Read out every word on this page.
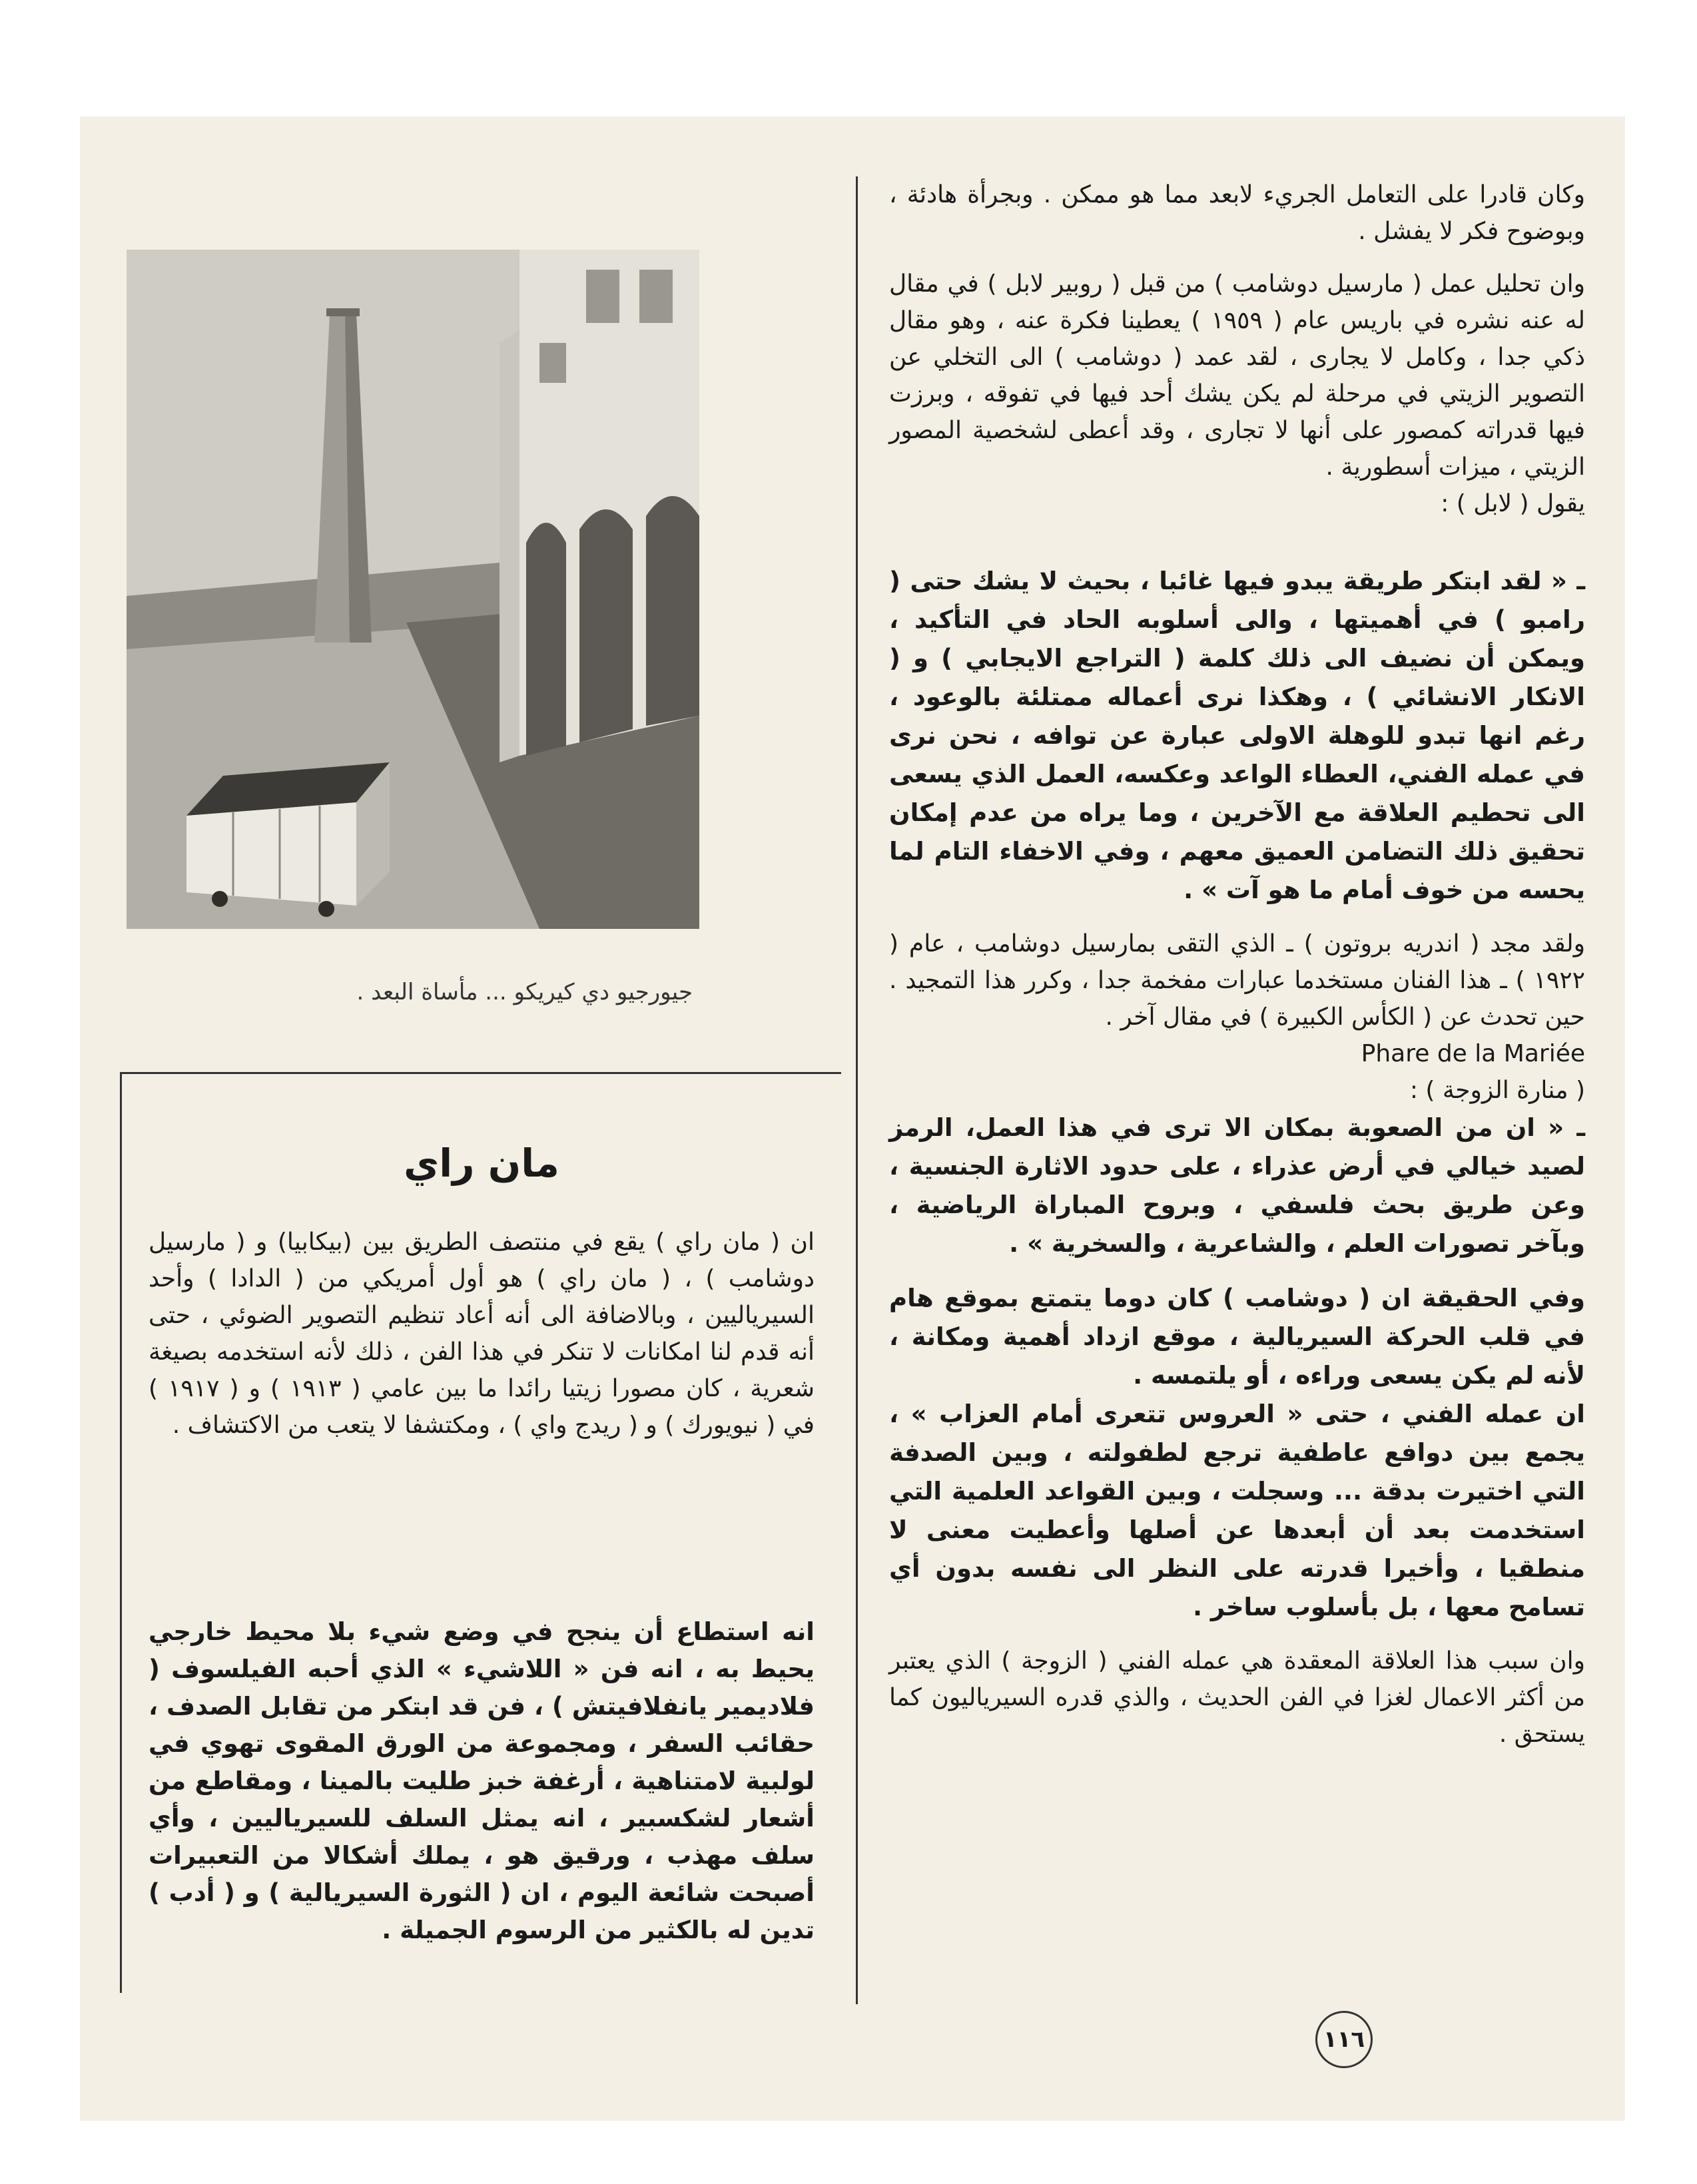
وكان قادرا على التعامل الجريء لابعد مما هو ممكن . وبجرأة هادئة ، وبوضوح فكر لا يفشل .

وان تحليل عمل ( مارسيل دوشامب ) من قبل ( روبير لابل ) في مقال له عنه نشره في باريس عام ( ١٩٥٩ ) يعطينا فكرة عنه ، وهو مقال ذكي جدا ، وكامل لا يجارى ، لقد عمد ( دوشامب ) الى التخلي عن التصوير الزيتي في مرحلة لم يكن يشك أحد فيها في تفوقه ، وبرزت فيها قدراته كمصور على أنها لا تجارى ، وقد أعطى لشخصية المصور الزيتي ، ميزات أسطورية .

يقول ( لابل ) :

ـ « لقد ابتكر طريقة يبدو فيها غائبا ، بحيث لا يشك حتى ( رامبو ) في أهميتها ، والى أسلوبه الحاد في التأكيد ، ويمكن أن نضيف الى ذلك كلمة ( التراجع الايجابي ) و ( الانكار الانشائي ) ، وهكذا نرى أعماله ممتلئة بالوعود ، رغم انها تبدو للوهلة الاولى عبارة عن توافه ، نحن نرى في عمله الفني، العطاء الواعد وعكسه، العمل الذي يسعى الى تحطيم العلاقة مع الآخرين ، وما يراه من عدم إمكان تحقيق ذلك التضامن العميق معهم ، وفي الاخفاء التام لما يحسه من خوف أمام ما هو آت » .

ولقد مجد ( اندريه بروتون ) ـ الذي التقى بمارسيل دوشامب ، عام ( ١٩٢٢ ) ـ هذا الفنان مستخدما عبارات مفخمة جدا ، وكرر هذا التمجيد . حين تحدث عن ( الكأس الكبيرة ) في مقال آخر .

Phare de la Mariée

( منارة الزوجة ) :

ـ « ان من الصعوبة بمكان الا ترى في هذا العمل، الرمز لصيد خيالي في أرض عذراء ، على حدود الاثارة الجنسية ، وعن طريق بحث فلسفي ، وبروح المباراة الرياضية ، وبآخر تصورات العلم ، والشاعرية ، والسخرية » .

وفي الحقيقة ان ( دوشامب ) كان دوما يتمتع بموقع هام في قلب الحركة السيريالية ، موقع ازداد أهمية ومكانة ، لأنه لم يكن يسعى وراءه ، أو يلتمسه .

ان عمله الفني ، حتى « العروس تتعرى أمام العزاب » ، يجمع بين دوافع عاطفية ترجع لطفولته ، وبين الصدفة التي اختيرت بدقة ... وسجلت ، وبين القواعد العلمية التي استخدمت بعد أن أبعدها عن أصلها وأعطيت معنى لا منطقيا ، وأخيرا قدرته على النظر الى نفسه بدون أي تسامح معها ، بل بأسلوب ساخر .

وان سبب هذا العلاقة المعقدة هي عمله الفني ( الزوجة ) الذي يعتبر من أكثر الاعمال لغزا في الفن الحديث ، والذي قدره السيرياليون كما يستحق .

جيورجيو دي كيريكو ... مأساة البعد .
مان راي

ان ( مان راي ) يقع في منتصف الطريق بين (بيكابيا) و ( مارسيل دوشامب ) ، ( مان راي ) هو أول أمريكي من ( الدادا ) وأحد السيرياليين ، وبالاضافة الى أنه أعاد تنظيم التصوير الضوئي ، حتى أنه قدم لنا امكانات لا تنكر في هذا الفن ، ذلك لأنه استخدمه بصيغة شعرية ، كان مصورا زيتيا رائدا ما بين عامي ( ١٩١٣ ) و ( ١٩١٧ ) في ( نيويورك ) و ( ريدج واي ) ، ومكتشفا لا يتعب من الاكتشاف .

انه استطاع أن ينجح في وضع شيء بلا محيط خارجي يحيط به ، انه فن « اللاشيء » الذي أحبه الفيلسوف ( فلاديمير يانفلافيتش ) ، فن قد ابتكر من تقابل الصدف ، حقائب السفر ، ومجموعة من الورق المقوى تهوي في لولبية لامتناهية ، أرغفة خبز طليت بالمينا ، ومقاطع من أشعار لشكسبير ، انه يمثل السلف للسيرياليين ، وأي سلف مهذب ، ورقيق هو ، يملك أشكالا من التعبيرات أصبحت شائعة اليوم ، ان ( الثورة السيريالية ) و ( أدب ) تدين له بالكثير من الرسوم الجميلة .

١١٦
